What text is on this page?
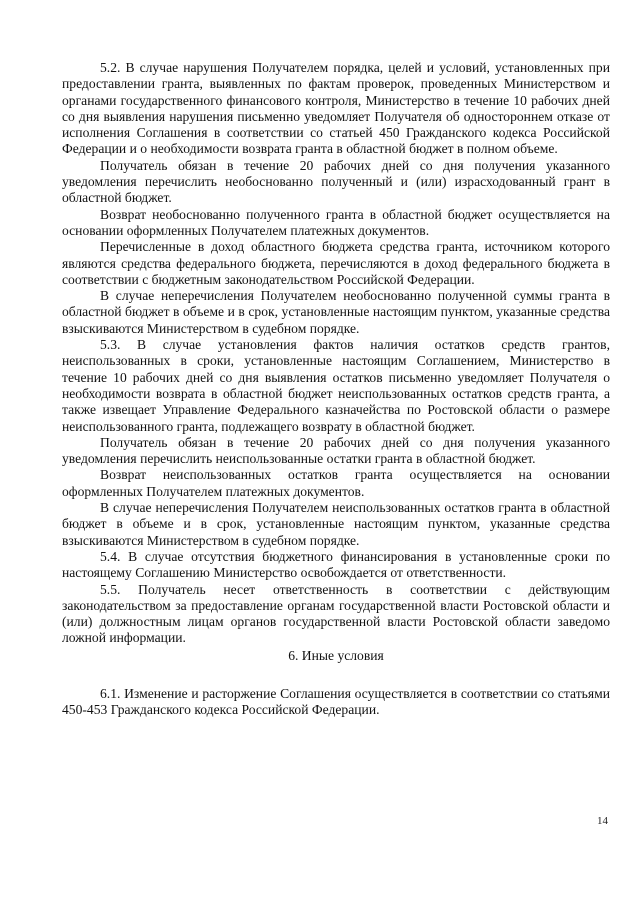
5.2. В случае нарушения Получателем порядка, целей и условий, установленных при предоставлении гранта, выявленных по фактам проверок, проведенных Министерством и органами государственного финансового контроля, Министерство в течение 10 рабочих дней со дня выявления нарушения письменно уведомляет Получателя об одностороннем отказе от исполнения Соглашения в соответствии со статьей 450 Гражданского кодекса Российской Федерации и о необходимости возврата гранта в областной бюджет в полном объеме.

Получатель обязан в течение 20 рабочих дней со дня получения указанного уведомления перечислить необоснованно полученный и (или) израсходованный грант в областной бюджет.

Возврат необоснованно полученного гранта в областной бюджет осуществляется на основании оформленных Получателем платежных документов.

Перечисленные в доход областного бюджета средства гранта, источником которого являются средства федерального бюджета, перечисляются в доход федерального бюджета в соответствии с бюджетным законодательством Российской Федерации.

В случае неперечисления Получателем необоснованно полученной суммы гранта в областной бюджет в объеме и в срок, установленные настоящим пунктом, указанные средства взыскиваются Министерством в судебном порядке.

5.3. В случае установления фактов наличия остатков средств грантов, неиспользованных в сроки, установленные настоящим Соглашением, Министерство в течение 10 рабочих дней со дня выявления остатков письменно уведомляет Получателя о необходимости возврата в областной бюджет неиспользованных остатков средств гранта, а также извещает Управление Федерального казначейства по Ростовской области о размере неиспользованного гранта, подлежащего возврату в областной бюджет.

Получатель обязан в течение 20 рабочих дней со дня получения указанного уведомления перечислить неиспользованные остатки гранта в областной бюджет.

Возврат неиспользованных остатков гранта осуществляется на основании оформленных Получателем платежных документов.

В случае неперечисления Получателем неиспользованных остатков гранта в областной бюджет в объеме и в срок, установленные настоящим пунктом, указанные средства взыскиваются Министерством в судебном порядке.

5.4. В случае отсутствия бюджетного финансирования в установленные сроки по настоящему Соглашению Министерство освобождается от ответственности.

5.5. Получатель несет ответственность в соответствии с действующим законодательством за предоставление органам государственной власти Ростовской области и (или) должностным лицам органов государственной власти Ростовской области заведомо ложной информации.

6. Иные условия

6.1. Изменение и расторжение Соглашения осуществляется в соответствии со статьями 450-453 Гражданского кодекса Российской Федерации.

14
